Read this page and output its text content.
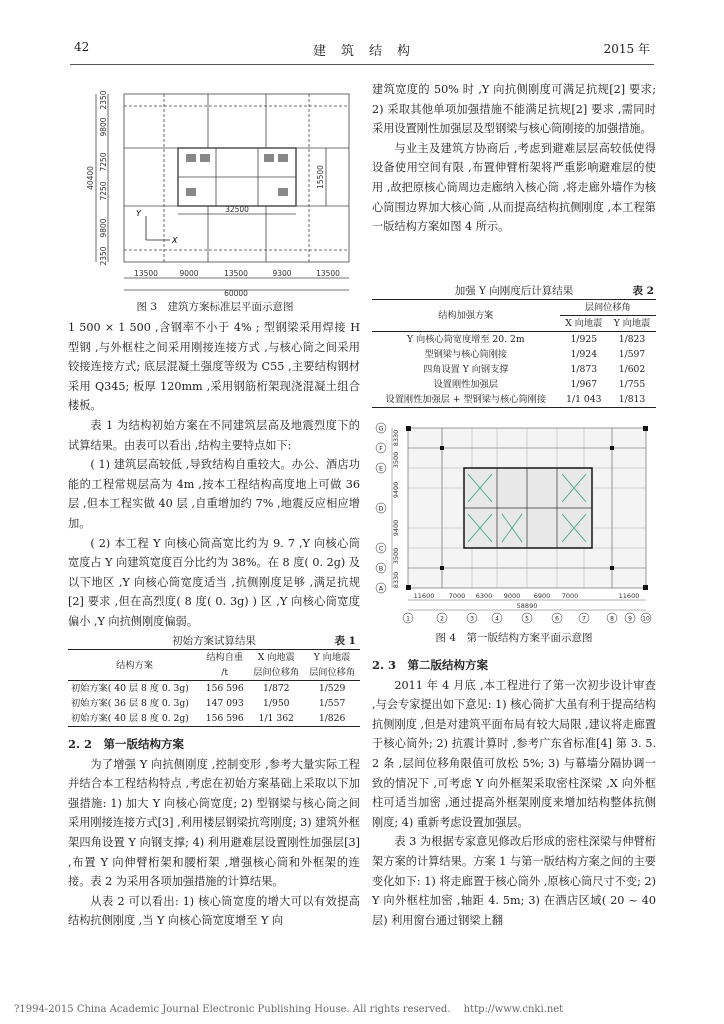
42	建　筑　结　构	2015 年
Y
X
2350
9800
7250
7250
9800
2350
40400	15500
32500
13500	9000	13500	9300	13500
60000
图 3　建筑方案标准层平面示意图

1 500 × 1 500 ,含钢率不小于 4% ; 型钢梁采用焊接 H 型钢 ,与外框柱之间采用刚接连接方式 ,与核心筒之间采用铰接连接方式; 底层混凝土强度等级为 C55 ,主要结构钢材采用 Q345; 板厚 120mm ,采用钢筋桁架现浇混凝土组合楼板。

表 1 为结构初始方案在不同建筑层高及地震烈度下的试算结果。由表可以看出 ,结构主要特点如下:

( 1) 建筑层高较低 ,导致结构自重较大。办公、酒店功能的工程常规层高为 4m ,按本工程结构高度地上可做 36 层 ,但本工程实做 40 层 ,自重增加约 7% ,地震反应相应增加。

( 2) 本工程 Y 向核心筒高宽比约为 9. 7 ,Y 向核心筒宽度占 Y 向建筑宽度百分比约为 38%。在 8 度( 0. 2g) 及以下地区 ,Y 向核心筒宽度适当 ,抗侧刚度足够 ,满足抗规[2] 要求 ,但在高烈度( 8 度( 0. 3g) ) 区 ,Y 向核心筒宽度偏小 ,Y 向抗侧刚度偏弱。

初始方案试算结果	表 1
结构方案	结构自重	X 向地震	Y 向地震
	/t	层间位移角	层间位移角
初始方案( 40 层 8 度 0. 3g)	156 596	1/872	1/529
初始方案( 36 层 8 度 0. 3g)	147 093	1/950	1/557
初始方案( 40 层 8 度 0. 2g)	156 596	1/1 362	1/826

2. 2　第一版结构方案

为了增强 Y 向抗侧刚度 ,控制变形 ,参考大量实际工程并结合本工程结构特点 ,考虑在初始方案基础上采取以下加强措施: 1) 加大 Y 向核心筒宽度; 2) 型钢梁与核心筒之间采用刚接连接方式[3] ,利用楼层钢梁抗弯刚度; 3) 建筑外框架四角设置 Y 向钢支撑; 4) 利用避难层设置刚性加强层[3] ,布置 Y 向伸臂桁架和腰桁架 ,增强核心筒和外框架的连接。表 2 为采用各项加强措施的计算结果。

从表 2 可以看出: 1) 核心筒宽度的增大可以有效提高结构抗侧刚度 ,当 Y 向核心筒宽度增至 Y 向

建筑宽度的 50% 时 ,Y 向抗侧刚度可满足抗规[2] 要求; 2) 采取其他单项加强措施不能满足抗规[2] 要求 ,需同时采用设置刚性加强层及型钢梁与核心筒刚接的加强措施。

与业主及建筑方协商后 ,考虑到避难层层高较低使得设备使用空间有限 ,布置伸臂桁架将严重影响避难层的使用 ,故把原核心筒周边走廊纳入核心筒 ,将走廊外墙作为核心筒围边界加大核心筒 ,从而提高结构抗侧刚度 ,本工程第一版结构方案如图 4 所示。

加强 Y 向刚度后计算结果	表 2
结构加强方案	层间位移角	
	X 向地震	Y 向地震
Y 向核心筒宽度增至 20. 2m	1/925	1/823
型钢梁与核心筒刚接	1/924	1/597
四角设置 Y 向钢支撑	1/873	1/602
设置刚性加强层	1/967	1/755
设置刚性加强层 + 型钢梁与核心筒刚接	1/1 043	1/813
8330
3500
9400
9400
3500
8330
11600 7000 6300 9000 6900 7000	11600
58890
G
F
E
D
C
B
A
1	2	3	4	5	6	7	8 9 10
图 4　第一版结构方案平面示意图

2. 3　第二版结构方案

2011 年 4 月底 ,本工程进行了第一次初步设计审查 ,与会专家提出如下意见: 1) 核心筒扩大虽有利于提高结构抗侧刚度 ,但是对建筑平面布局有较大局限 ,建议将走廊置于核心筒外; 2) 抗震计算时 ,参考广东省标准[4] 第 3. 5. 2 条 ,层间位移角限值可放松 5%; 3) 与幕墙分隔协调一致的情况下 ,可考虑 Y 向外框架采取密柱深梁 ,X 向外框柱可适当加密 ,通过提高外框架刚度来增加结构整体抗侧刚度; 4) 重新考虑设置加强层。

表 3 为根据专家意见修改后形成的密柱深梁与伸臂桁架方案的计算结果。方案 1 与第一版结构方案之间的主要变化如下: 1) 将走廊置于核心筒外 ,原核心筒尺寸不变; 2) Y 向外框柱加密 ,轴距 4. 5m; 3) 在酒店区域( 20 ~ 40 层) 利用窗台通过钢梁上翻

?1994-2015 China Academic Journal Electronic Publishing House. All rights reserved.　 http://www.cnki.net
